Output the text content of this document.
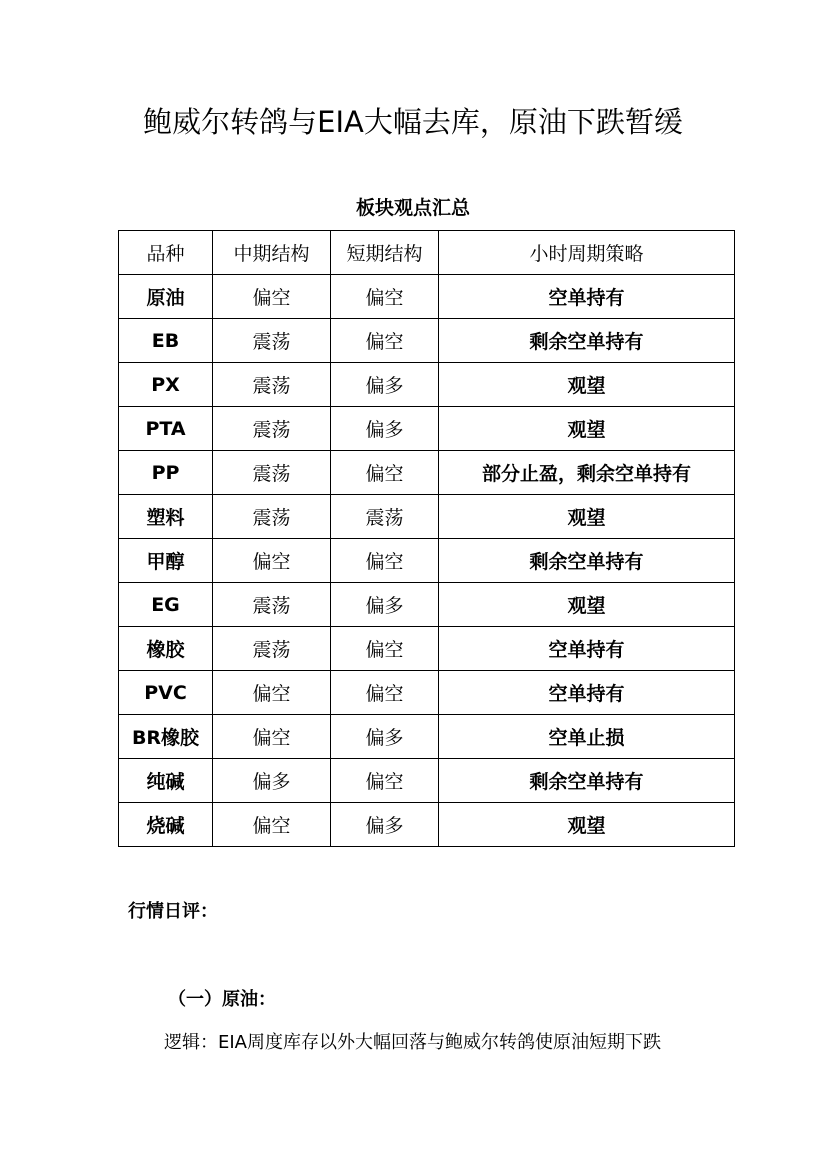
鲍威尔转鸽与EIA大幅去库，原油下跌暂缓
板块观点汇总
品种	中期结构	短期结构	小时周期策略
原油	偏空	偏空	空单持有
EB	震荡	偏空	剩余空单持有
PX	震荡	偏多	观望
PTA	震荡	偏多	观望
PP	震荡	偏空	部分止盈，剩余空单持有
塑料	震荡	震荡	观望
甲醇	偏空	偏空	剩余空单持有
EG	震荡	偏多	观望
橡胶	震荡	偏空	空单持有
PVC	偏空	偏空	空单持有
BR橡胶	偏空	偏多	空单止损
纯碱	偏多	偏空	剩余空单持有
烧碱	偏空	偏多	观望
行情日评：
（一）原油：
逻辑：EIA周度库存以外大幅回落与鲍威尔转鸽使原油短期下跌
